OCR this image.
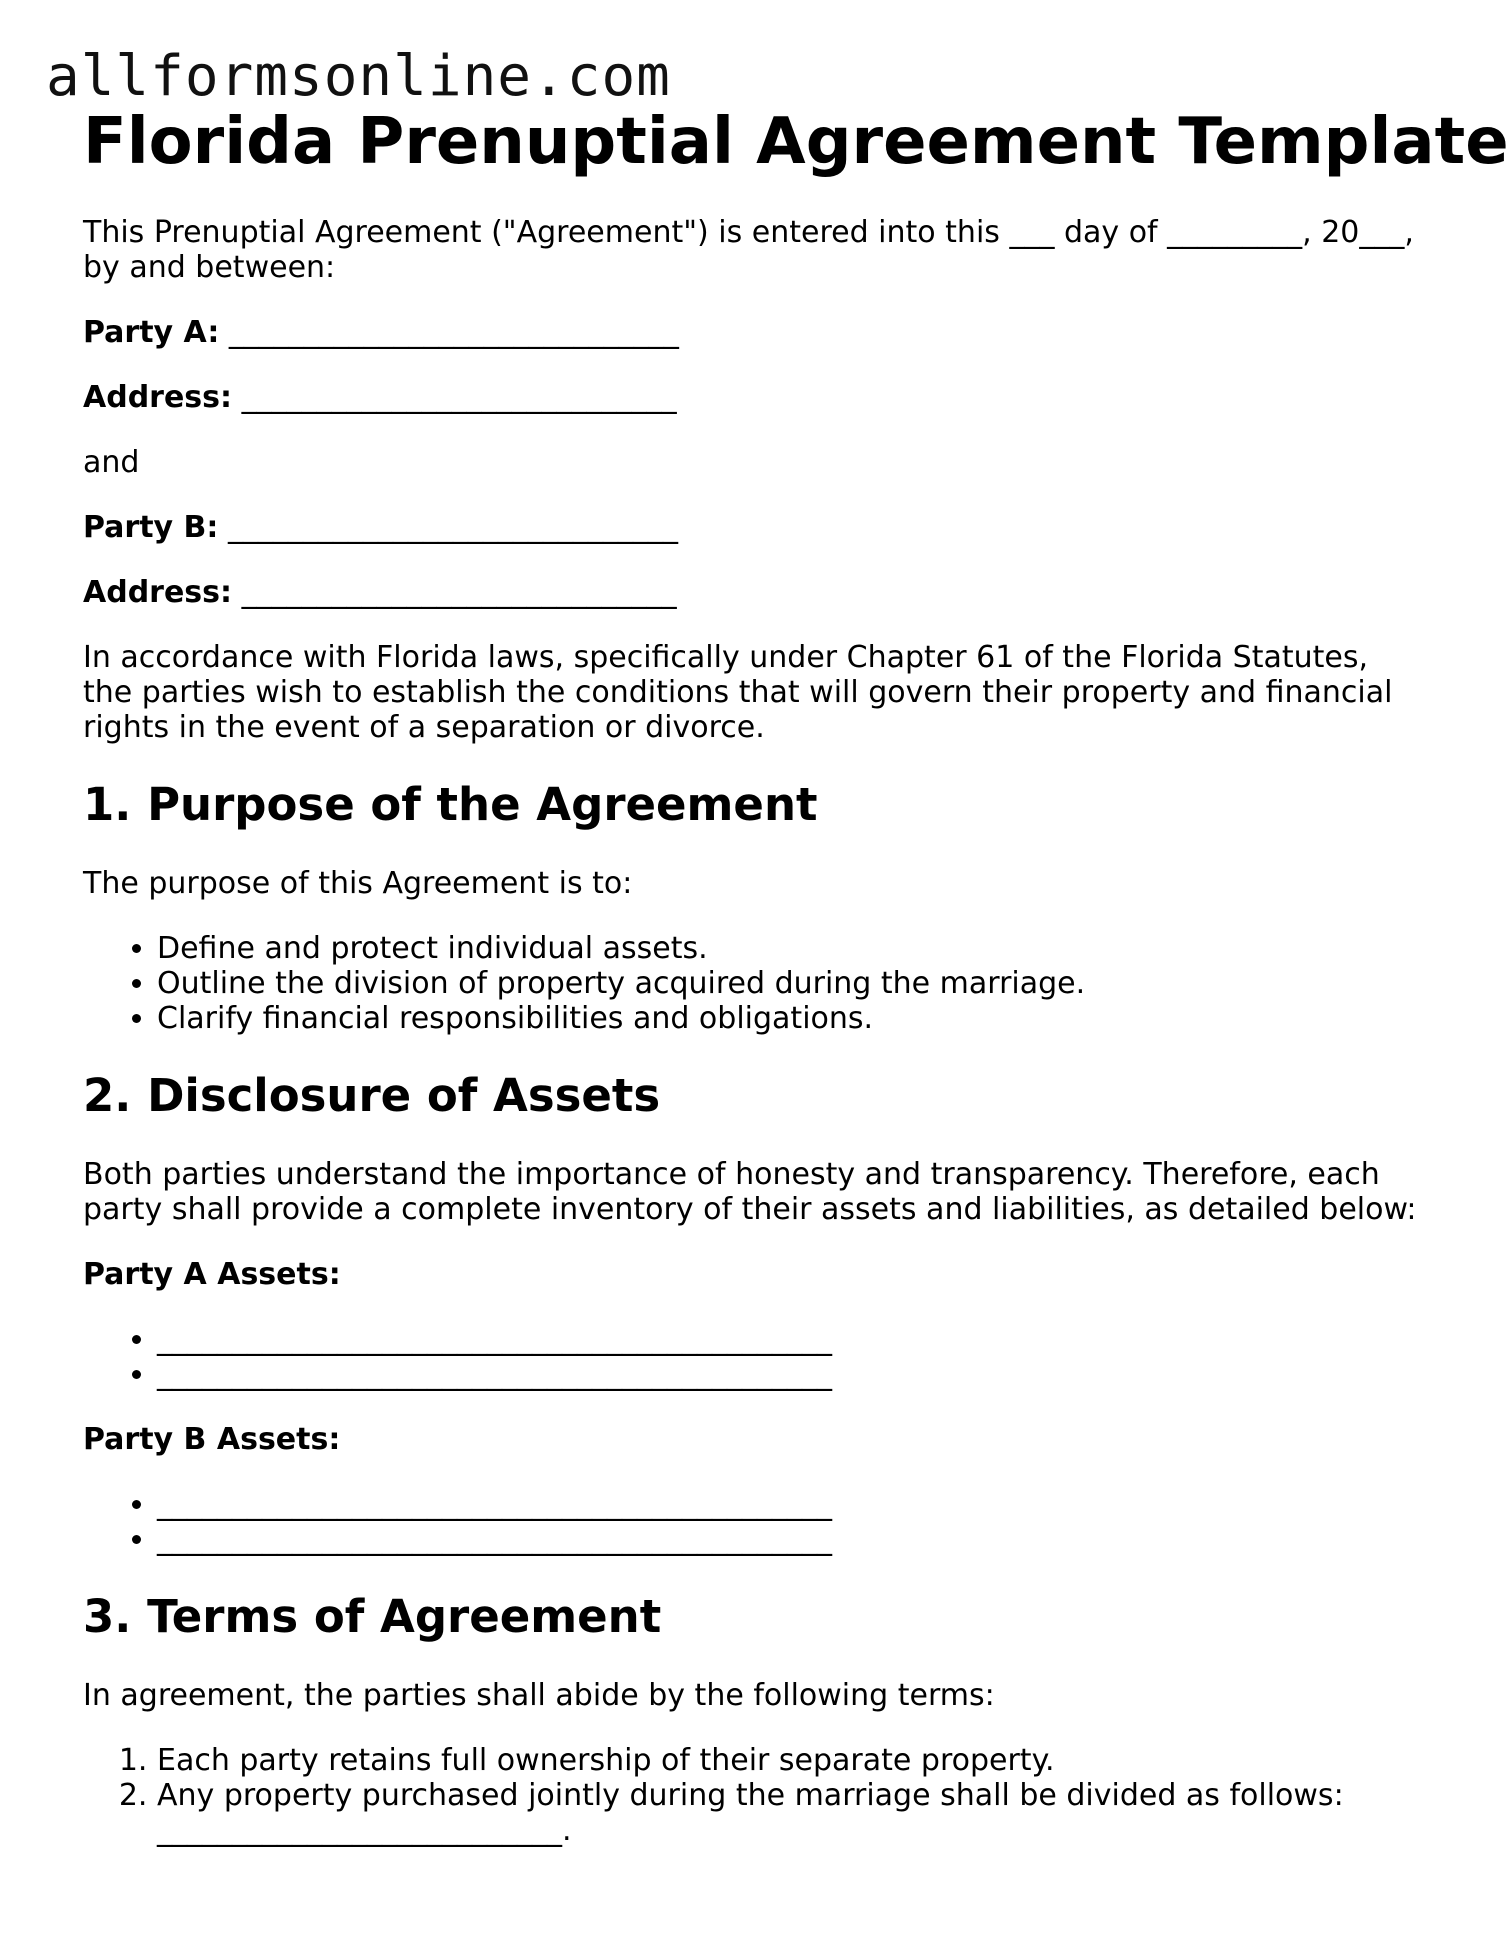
allformsonline.com
Florida Prenuptial Agreement Template

This Prenuptial Agreement ("Agreement") is entered into this ___ day of _________, 20___, by and between:

Party A: ______________________________

Address: _____________________________

and

Party B: ______________________________

Address: _____________________________

In accordance with Florida laws, specifically under Chapter 61 of the Florida Statutes, the parties wish to establish the conditions that will govern their property and financial rights in the event of a separation or divorce.

1. Purpose of the Agreement

The purpose of this Agreement is to:

• Define and protect individual assets.
• Outline the division of property acquired during the marriage.
• Clarify financial responsibilities and obligations.
2. Disclosure of Assets

Both parties understand the importance of honesty and transparency. Therefore, each party shall provide a complete inventory of their assets and liabilities, as detailed below:

Party A Assets:

• _____________________________________________
• _____________________________________________

Party B Assets:

• _____________________________________________
• _____________________________________________
3. Terms of Agreement

In agreement, the parties shall abide by the following terms:

1. Each party retains full ownership of their separate property.
2. Any property purchased jointly during the marriage shall be divided as follows:
___________________________.
